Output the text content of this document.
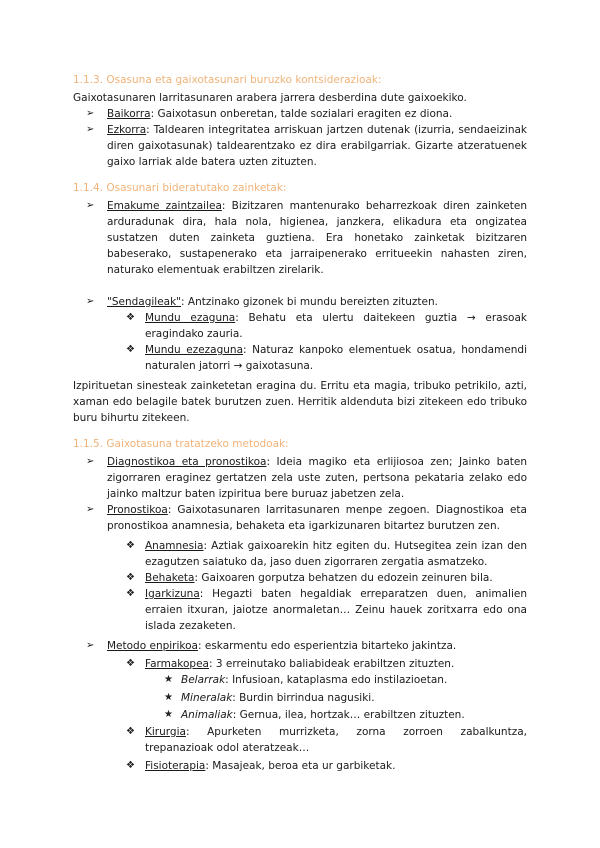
1.1.3. Osasuna eta gaixotasunari buruzko kontsiderazioak:
Gaixotasunaren larritasunaren arabera jarrera desberdina dute gaixoekiko.
➢ Baikorra: Gaixotasun onberetan, talde sozialari eragiten ez diona.
➢ Ezkorra: Taldearen integritatea arriskuan jartzen dutenak (izurria, sendaeizinak diren gaixotasunak) taldearentzako ez dira erabilgarriak. Gizarte atzeratuenek gaixo larriak alde batera uzten zituzten.
1.1.4. Osasunari bideratutako zainketak:
➢ Emakume zaintzailea: Bizitzaren mantenurako beharrezkoak diren zainketen arduradunak dira, hala nola, higienea, janzkera, elikadura eta ongizatea sustatzen duten zainketa guztiena. Era honetako zainketak bizitzaren babeserako, sustapenerako eta jarraipenerako erritueekin nahasten ziren, naturako elementuak erabiltzen zirelarik.
➢ "Sendagileak": Antzinako gizonek bi mundu bereizten zituzten.
❖ Mundu ezaguna: Behatu eta ulertu daitekeen guztia → erasoak eragindako zauria.
❖ Mundu ezezaguna: Naturaz kanpoko elementuek osatua, hondamendi naturalen jatorri → gaixotasuna.
Izpirituetan sinesteak zainketetan eragina du. Erritu eta magia, tribuko petrikilo, azti, xaman edo belagile batek burutzen zuen. Herritik aldenduta bizi zitekeen edo tribuko buru bihurtu zitekeen.
1.1.5. Gaixotasuna tratatzeko metodoak:
➢ Diagnostikoa eta pronostikoa: Ideia magiko eta erlijiosoa zen; Jainko baten zigorraren eraginez gertatzen zela uste zuten, pertsona pekataria zelako edo jainko maltzur baten izpiritua bere buruaz jabetzen zela.
➢ Pronostikoa: Gaixotasunaren larritasunaren menpe zegoen. Diagnostikoa eta pronostikoa anamnesia, behaketa eta igarkizunaren bitartez burutzen zen.
❖ Anamnesia: Aztiak gaixoarekin hitz egiten du. Hutsegitea zein izan den ezagutzen saiatuko da, jaso duen zigorraren zergatia asmatzeko.
❖ Behaketa: Gaixoaren gorputza behatzen du edozein zeinuren bila.
❖ Igarkizuna: Hegazti baten hegaldiak erreparatzen duen, animalien erraien itxuran, jaiotze anormaletan… Zeinu hauek zoritxarra edo ona islada zezaketen.
➢ Metodo enpirikoa: eskarmentu edo esperientzia bitarteko jakintza.
❖ Farmakopea: 3 erreinutako baliabideak erabiltzen zituzten.
★ Belarrak: Infusioan, kataplasma edo instilazioetan.
★ Mineralak: Burdin birrindua nagusiki.
★ Animaliak: Gernua, ilea, hortzak… erabiltzen zituzten.
❖ Kirurgia: Apurketen murrizketa, zorna zorroen zabalkuntza, trepanazioak odol ateratzeak…
❖ Fisioterapia: Masajeak, beroa eta ur garbiketak.
